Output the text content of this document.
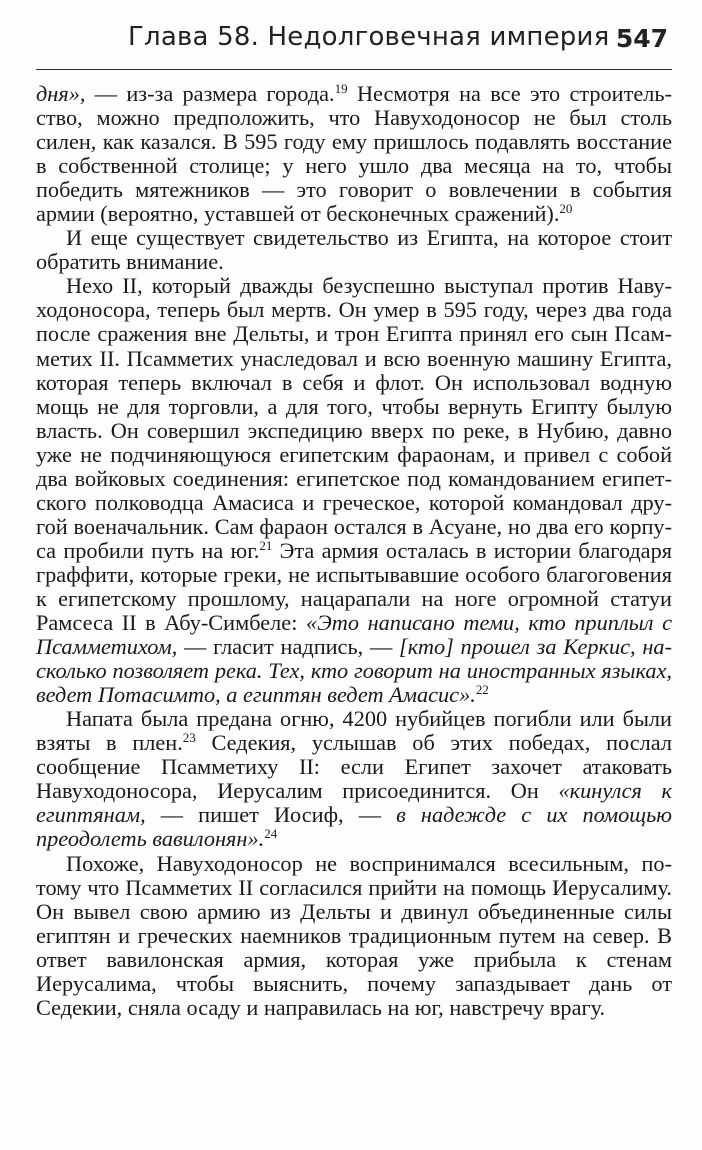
Глава 58. Недолговечная империя 547

дня», — из-за размера города.$^{19}$ Несмотря на все это строительство, можно предположить, что Навуходоносор не был столь силен, как казался. В 595 году ему пришлось подавлять восстание в собственной столице; у него ушло два месяца на то, чтобы победить мятежников — это говорит о вовлечении в события армии (вероятно, уставшей от бесконечных сражений).$^{20}$

И еще существует свидетельство из Египта, на которое стоит обратить внимание.

Нехо II, который дважды безуспешно выступал против Навуходоносора, теперь был мертв. Он умер в 595 году, через два года после сражения вне Дельты, и трон Египта принял его сын Псамметих II. Псамметих унаследовал и всю военную машину Египта, которая теперь включал в себя и флот. Он использовал водную мощь не для торговли, а для того, чтобы вернуть Египту былую власть. Он совершил экспедицию вверх по реке, в Нубию, давно уже не подчиняющуюся египетским фараонам, и привел с собой два войковых соединения: египетское под командованием египетского полководца Амасиса и греческое, которой командовал другой военачальник. Сам фараон остался в Асуане, но два его корпуса пробили путь на юг.$^{21}$ Эта армия осталась в истории благодаря граффити, которые греки, не испытывавшие особого благоговения к египетскому прошлому, нацарапали на ноге огромной статуи Рамсеса II в Абу-Симбеле: «Это написано теми, кто приплыл с Псамметихом, — гласит надпись, — [кто] прошел за Керкис, насколько позволяет река. Тех, кто говорит на иностранных языках, ведет Потасимто, а египтян ведет Амасис».$^{22}$

Напата была предана огню, 4200 нубийцев погибли или были взяты в плен.$^{23}$ Седекия, услышав об этих победах, послал сообщение Псамметиху II: если Египет захочет атаковать Навуходоносора, Иерусалим присоединится. Он «кинулся к египтянам, — пишет Иосиф, — в надежде с их помощью преодолеть вавилонян».$^{24}$

Похоже, Навуходоносор не воспринимался всесильным, потому что Псамметих II согласился прийти на помощь Иерусалиму. Он вывел свою армию из Дельты и двинул объединенные силы египтян и греческих наемников традиционным путем на север. В ответ вавилонская армия, которая уже прибыла к стенам Иерусалима, чтобы выяснить, почему запаздывает дань от Седекии, сняла осаду и направилась на юг, навстречу врагу.
